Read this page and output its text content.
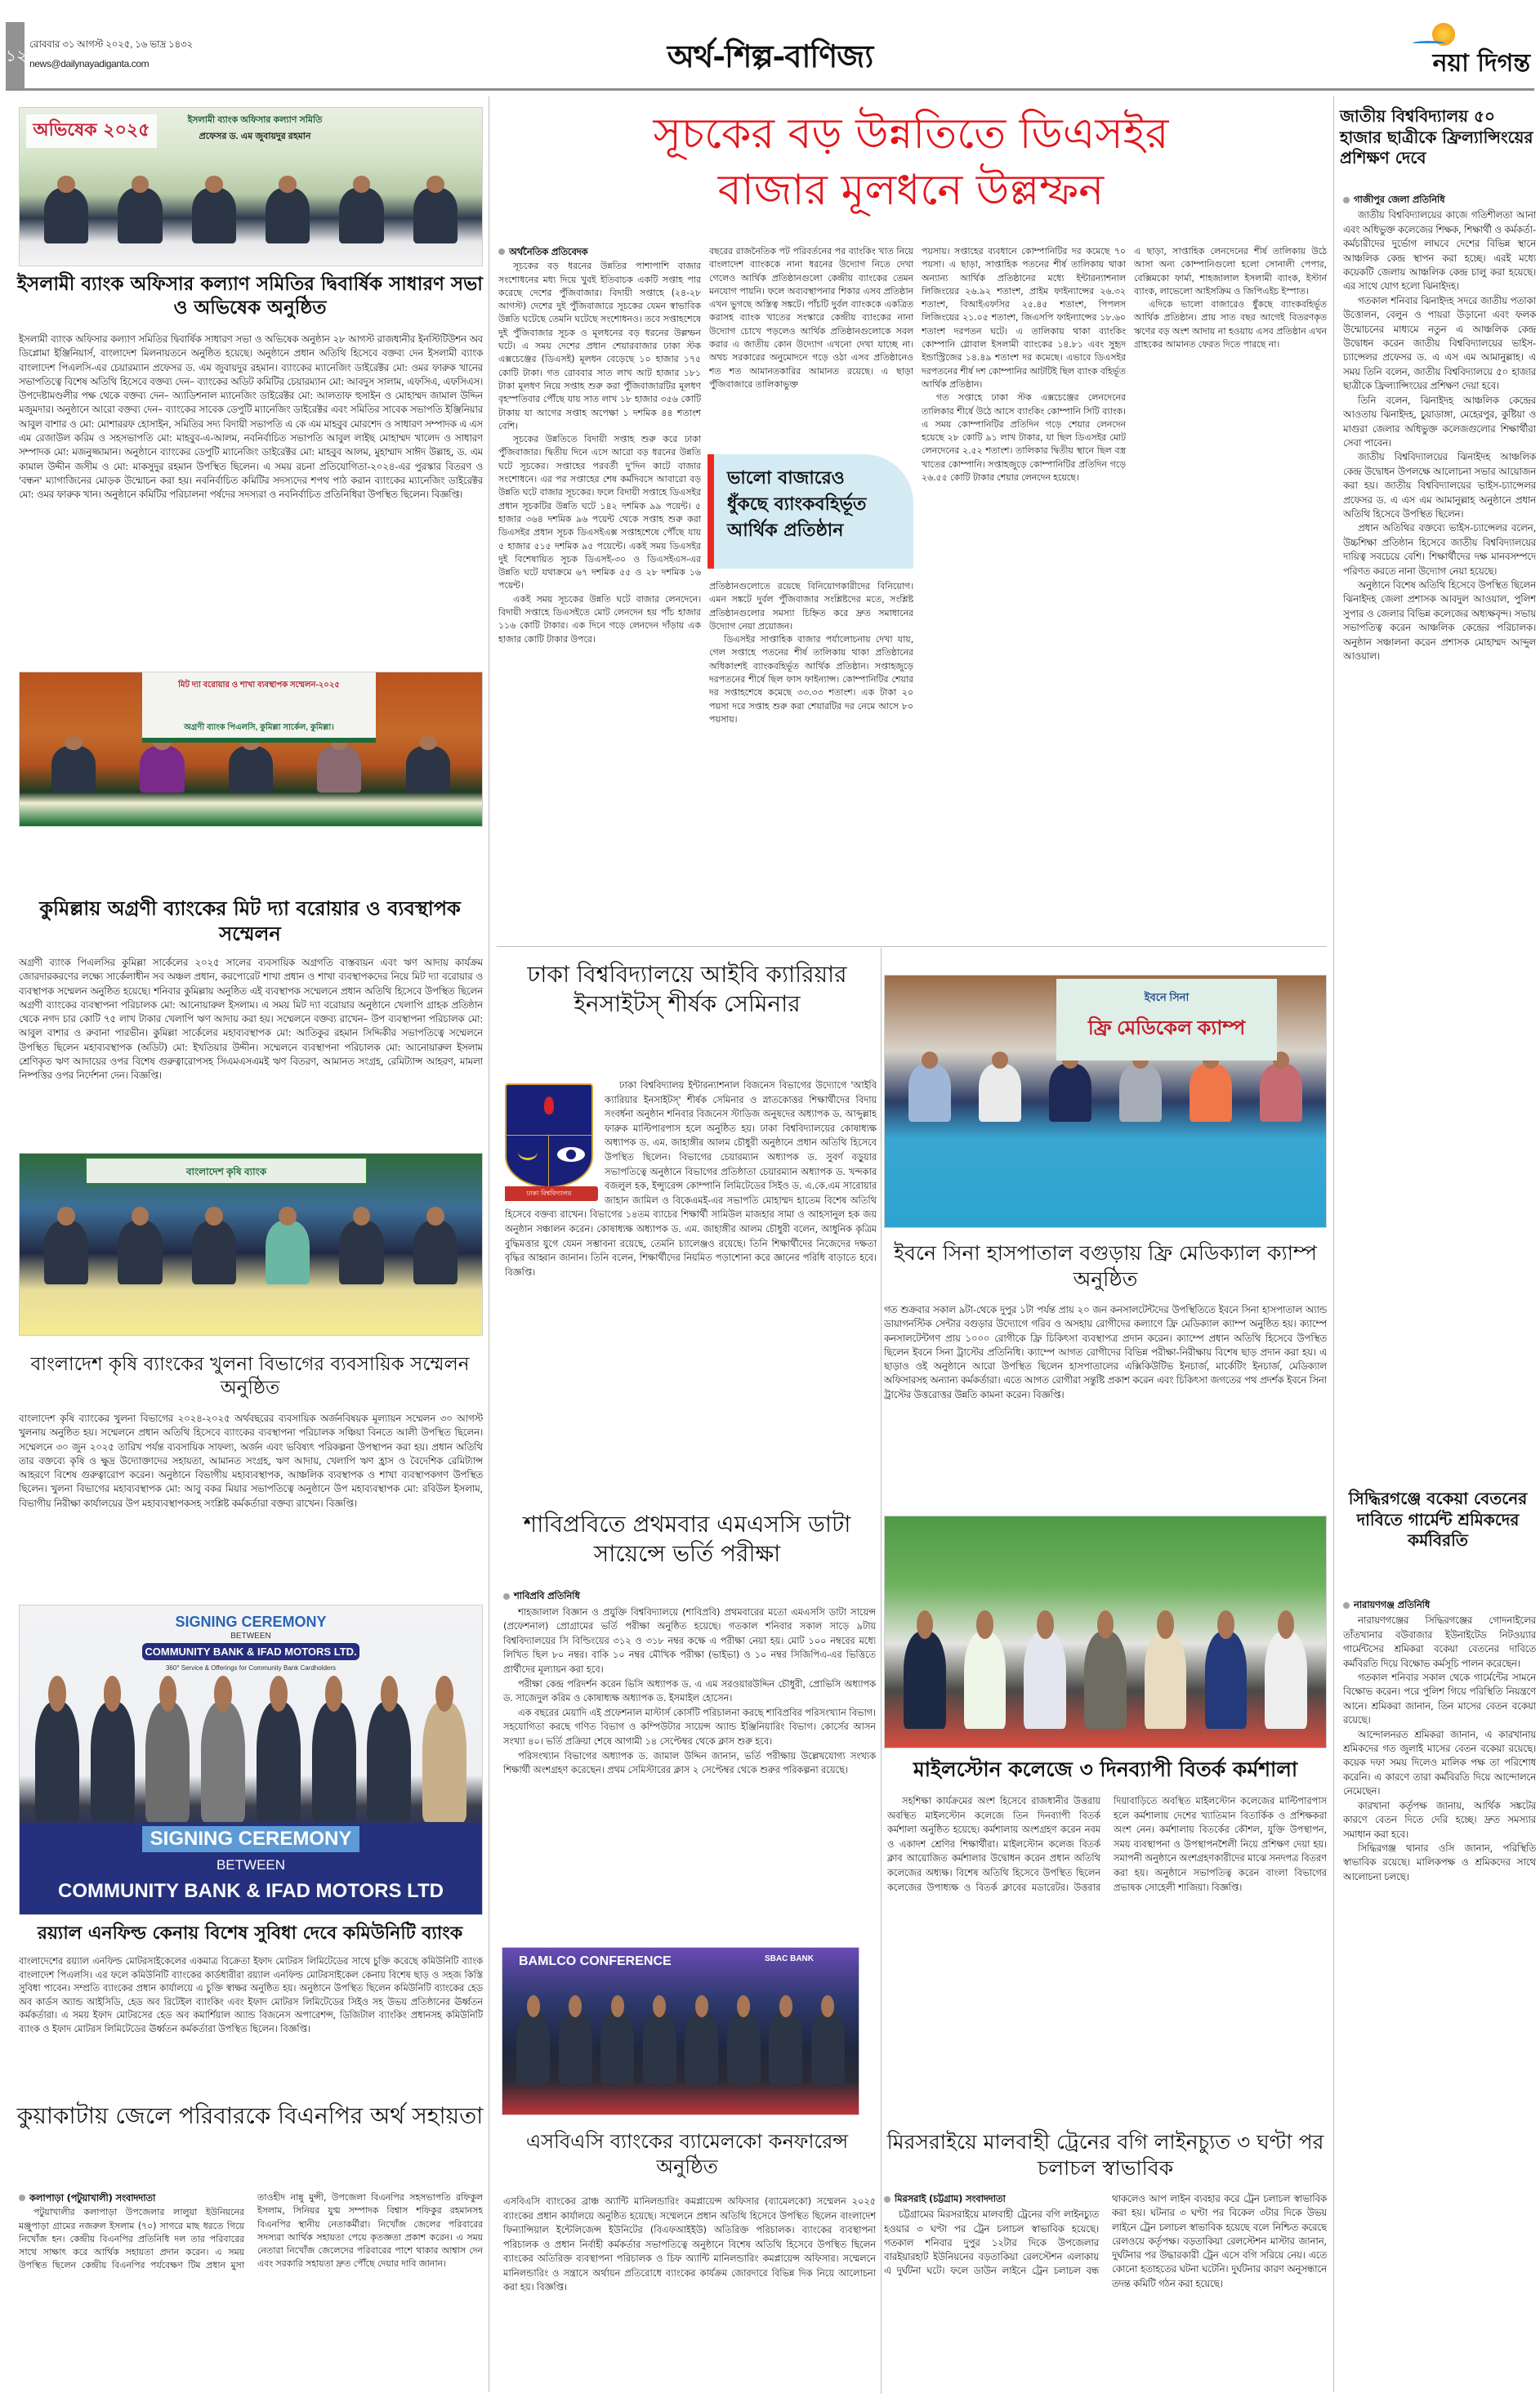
১২
রোববার ৩১ আগস্ট ২০২৫, ১৬ ভাদ্র ১৪৩২
news@dailynayadiganta.com	অর্থ-শিল্প-বাণিজ্য	নয়া দিগন্ত
ইসলামী ব্যাংক অফিসার কল্যাণ সমিতি
প্রফেসর ড. এম জুবায়দুর রহমান
অভিষেক ২০২৫
ইসলামী ব্যাংক অফিসার কল্যাণ সমিতির দ্বিবার্ষিক সাধারণ সভা ও অভিষেক অনুষ্ঠিত
ইসলামী ব্যাংক অফিসার কল্যাণ সমিতির দ্বিবার্ষিক সাধারণ সভা ও অভিষেক অনুষ্ঠান ২৮ আগস্ট রাজধানীর ইনস্টিটিউশন অব ডিপ্লোমা ইঞ্জিনিয়ার্স, বাংলাদেশ মিলনায়তনে অনুষ্ঠিত হয়েছে। অনুষ্ঠানে প্রধান অতিথি হিসেবে বক্তব্য দেন ইসলামী ব্যাংক বাংলাদেশ পিএলসি-এর চেয়ারম্যান প্রফেসর ড. এম জুবায়দুর রহমান। ব্যাংকের ম্যানেজিং ডাইরেক্টর মো: ওমর ফারুক খানের সভাপতিত্বে বিশেষ অতিথি হিসেবে বক্তব্য দেন– ব্যাংকের অডিট কমিটির চেয়ারম্যান মো: আবদুস সালাম, এফসিএ, এফসিএস। উপদেষ্টামণ্ডলীর পক্ষ থেকে বক্তব্য দেন– অ্যাডিশনাল ম্যানেজিং ডাইরেক্টর মো: আলতাফ হুসাইন ও মোহাম্মদ জামাল উদ্দিন মজুমদার। অনুষ্ঠানে আরো বক্তব্য দেন– ব্যাংকের সাবেক ডেপুটি ম্যানেজিং ডাইরেক্টর এবং সমিতির সাবেক সভাপতি ইঞ্জিনিয়ার আবুল বাশার ও মো: মোশাররফ হোসাইন, সমিতির সদ্য বিদায়ী সভাপতি এ কে এম মাহবুব মোরশেদ ও সাধারণ সম্পাদক এ এস এম রেজাউল করিম ও সহসভাপতি মো: মাহবুব-এ-আলম, নবনির্বাচিত সভাপতি আবুল লাইছ মোহাম্মদ খালেদ ও সাধারণ সম্পাদক মো: মজনুজ্জামান। অনুষ্ঠানে ব্যাংকের ডেপুটি ম্যানেজিং ডাইরেক্টর মো: মাহবুব আলম, মুহাম্মাদ সাঈদ উল্লাহ, ড. এম কামাল উদ্দীন জসীম ও মো: মাকসুদুর রহমান উপস্থিত ছিলেন। এ সময় রচনা প্রতিযোগিতা-২০২৪-এর পুরস্কার বিতরণ ও 'বন্ধন' ম্যাগাজিনের মোড়ক উন্মোচন করা হয়। নবনির্বাচিত কমিটির সদস্যদের শপথ পাঠ করান ব্যাংকের ম্যানেজিং ডাইরেক্টর মো: ওমর ফারুক খান। অনুষ্ঠানে কমিটির পরিচালনা পর্ষদের সদস্যরা ও নবনির্বাচিত প্রতিনিধিরা উপস্থিত ছিলেন। বিজ্ঞপ্তি।
মিট দ্যা বরোয়ার ও শাখা ব্যবস্থাপক সম্মেলন-২০২৫
অগ্রণী ব্যাংক পিএলসি, কুমিল্লা সার্কেল, কুমিল্লা।
কুমিল্লায় অগ্রণী ব্যাংকের মিট দ্যা বরোয়ার ও ব্যবস্থাপক সম্মেলন
অগ্রণী ব্যাংক পিএলসির কুমিল্লা সার্কেলের ২০২৫ সালের ব্যবসায়িক অগ্রগতি বাস্তবায়ন এবং ঋণ আদায় কার্যক্রম জোরদারকরণের লক্ষ্যে সার্কেলাধীন সব অঞ্চল প্রধান, করপোরেট শাখা প্রধান ও শাখা ব্যবস্থাপকদের নিয়ে মিট দ্যা বরোয়ার ও ব্যবস্থাপক সম্মেলন অনুষ্ঠিত হয়েছে। শনিবার কুমিল্লায় অনুষ্ঠিত এই ব্যবস্থাপক সম্মেলনে প্রধান অতিথি হিসেবে উপস্থিত ছিলেন অগ্রণী ব্যাংকের ব্যবস্থাপনা পরিচালক মো: আনোয়ারুল ইসলাম। এ সময় মিট দ্যা বরোয়ার অনুষ্ঠানে খেলাপি গ্রাহক প্রতিষ্ঠান থেকে নগদ চার কোটি ৭৫ লাখ টাকার খেলাপি ঋণ আদায় করা হয়। সম্মেলনে বক্তব্য রাখেন– উপ ব্যবস্থাপনা পরিচালক মো: আবুল বাশার ও রুবানা পারভীন। কুমিল্লা সার্কেলের মহাব্যবস্থাপক মো: আতিকুর রহমান সিদ্দিকীর সভাপতিত্বে সম্মেলনে উপস্থিত ছিলেন মহাব্যবস্থাপক (অডিট) মো: ইখতিয়ার উদ্দীন। সম্মেলনে ব্যবস্থাপনা পরিচালক মো: আনোয়ারুল ইসলাম শ্রেণিকৃত ঋণ আদায়ের ওপর বিশেষ গুরুত্বারোপসহ সিএমএসএমই ঋণ বিতরণ, আমানত সংগ্রহ, রেমিট্যান্স আহরণ, মামলা নিষ্পত্তির ওপর নির্দেশনা দেন। বিজ্ঞপ্তি।
বাংলাদেশ কৃষি ব্যাংক
বাংলাদেশ কৃষি ব্যাংকের খুলনা বিভাগের ব্যবসায়িক সম্মেলন অনুষ্ঠিত
বাংলাদেশ কৃষি ব্যাংকের খুলনা বিভাগের ২০২৪-২০২৫ অর্থবছরের ব্যবসায়িক অর্জনবিষয়ক মূল্যায়ন সম্মেলন ৩০ আগস্ট খুলনায় অনুষ্ঠিত হয়। সম্মেলনে প্রধান অতিথি হিসেবে ব্যাংকের ব্যবস্থাপনা পরিচালক সঞ্চিয়া বিনতে আলী উপস্থিত ছিলেন। সম্মেলনে ৩০ জুন ২০২৫ তারিখ পর্যন্ত ব্যবসায়িক সাফল্য, অর্জন এবং ভবিষ্যৎ পরিকল্পনা উপস্থাপন করা হয়। প্রধান অতিথি তার বক্তব্যে কৃষি ও ক্ষুদ্র উদ্যোক্তাদের সহায়তা, আমানত সংগ্রহ, ঋণ আদায়, খেলাপি ঋণ হ্রাস ও বৈদেশিক রেমিট্যান্স আহরণে বিশেষ গুরুত্বারোপ করেন। অনুষ্ঠানে বিভাগীয় মহাব্যবস্থাপক, আঞ্চলিক ব্যবস্থাপক ও শাখা ব্যবস্থাপকগণ উপস্থিত ছিলেন। খুলনা বিভাগের মহাব্যবস্থাপক মো: আবু বকর মিয়ার সভাপতিত্বে অনুষ্ঠানে উপ মহাব্যবস্থাপক মো: রবিউল ইসলাম, বিভাগীয় নিরীক্ষা কার্যালয়ের উপ মহাব্যবস্থাপকসহ সংশ্লিষ্ট কর্মকর্তারা বক্তব্য রাখেন। বিজ্ঞপ্তি।
SIGNING CEREMONY
BETWEEN
COMMUNITY BANK & IFAD MOTORS LTD.
360° Service & Offerings for Community Bank Cardholders
SIGNING CEREMONY
BETWEEN
COMMUNITY BANK & IFAD MOTORS LTD
রয়্যাল এনফিল্ড কেনায় বিশেষ সুবিধা দেবে কমিউনিটি ব্যাংক
বাংলাদেশের রয়্যাল এনফিল্ড মোটরসাইকেলের একমাত্র বিক্রেতা ইফাদ মোটরস লিমিটেডের সাথে চুক্তি করেছে কমিউনিটি ব্যাংক বাংলাদেশ পিএলসি। এর ফলে কমিউনিটি ব্যাংকের কার্ডধারীরা রয়্যাল এনফিল্ড মোটরসাইকেল কেনায় বিশেষ ছাড় ও সহজ কিস্তি সুবিধা পাবেন। সম্প্রতি ব্যাংকের প্রধান কার্যালয়ে এ চুক্তি স্বাক্ষর অনুষ্ঠিত হয়। অনুষ্ঠানে উপস্থিত ছিলেন কমিউনিটি ব্যাংকের হেড অব কার্ডস অ্যান্ড আইসিডি, হেড অব রিটেইল ব্যাংকিং এবং ইফাদ মোটরস লিমিটেডের সিইও সহ উভয় প্রতিষ্ঠানের ঊর্ধ্বতন কর্মকর্তারা। এ সময় ইফাদ মোটরসের হেড অব কমার্শিয়াল অ্যান্ড বিজনেস অপারেশন্স, ডিজিটাল ব্যাংকিং প্রধানসহ কমিউনিটি ব্যাংক ও ইফাদ মোটরস লিমিটেডের ঊর্ধ্বতন কর্মকর্তারা উপস্থিত ছিলেন। বিজ্ঞপ্তি।
কুয়াকাটায় জেলে পরিবারকে বিএনপির অর্থ সহায়তা
কলাপাড়া (পটুয়াখালী) সংবাদদাতা

পটুয়াখালীর কলাপাড়া উপজেলার লালুয়া ইউনিয়নের মঞ্জুপাড়া গ্রামের নজরুল ইসলাম (৭০) সাগরে মাছ ধরতে গিয়ে নিখোঁজ হন। কেন্দ্রীয় বিএনপির প্রতিনিধি দল তার পরিবারের সাথে সাক্ষাৎ করে আর্থিক সহায়তা প্রদান করেন। এ সময় উপস্থিত ছিলেন কেন্দ্রীয় বিএনপির পর্যবেক্ষণ টিম প্রধান মুসা তাওহীদ নান্নু মুন্সী, উপজেলা বিএনপির সহসভাপতি রফিকুল ইসলাম, সিনিয়র যুগ্ম সম্পাদক বিশ্বাস শফিকুর রহমানসহ বিএনপির স্থানীয় নেতাকর্মীরা। নিখোঁজ জেলের পরিবারের সদস্যরা আর্থিক সহায়তা পেয়ে কৃতজ্ঞতা প্রকাশ করেন। এ সময় নেতারা নিখোঁজ জেলেদের পরিবারের পাশে থাকার আশ্বাস দেন এবং সরকারি সহায়তা দ্রুত পৌঁছে দেয়ার দাবি জানান।

সূচকের বড় উন্নতিতে ডিএসইর
বাজার মূলধনে উল্লম্ফন
অর্থনৈতিক প্রতিবেদক

সূচকের বড় ধরনের উন্নতির পাশাপাশি বাজার সংশোধনের মধ্য দিয়ে খুবই ইতিবাচক একটি সপ্তাহ পার করেছে দেশের পুঁজিবাজার। বিদায়ী সপ্তাহে (২৪-২৮ আগস্ট) দেশের দুই পুঁজিবাজারে সূচকের যেমন স্বাভাবিক উন্নতি ঘটেছে তেমনি ঘটেছে সংশোধনও। তবে সপ্তাহশেষে দুই পুঁজিবাজার সূচক ও মূলধনের বড় ধরনের উল্লম্ফন ঘটে। এ সময় দেশের প্রধান শেয়ারবাজার ঢাকা স্টক এক্সচেঞ্জের (ডিএসই) মূলধন বেড়েছে ১০ হাজার ১৭৫ কোটি টাকা। গত রোববার সাত লাখ আট হাজার ১৮১ টাকা মূলধণ নিয়ে সপ্তাহ শুরু করা পুঁজিবাজারটির মূলধণ বৃহস্পতিবার পৌঁছে যায় সাত লাখ ১৮ হাজার ৩৫৬ কোটি টাকায় যা আগের সপ্তাহ অপেক্ষা ১ দশমিক ৪৪ শতাংশ বেশি।

সূচকের উন্নতিতে বিদায়ী সপ্তাহ শুরু করে ঢাকা পুঁজিবাজার। দ্বিতীয় দিনে এসে আরো বড় ধরনের উন্নতি ঘটে সূচকের। সপ্তাহের পরবর্তী দু'দিন কাটে বাজার সংশোধনে। এর পর সপ্তাহের শেষ কর্মদিবসে আবারো বড় উন্নতি ঘটে বাজার সূচকের। ফলে বিদায়ী সপ্তাহে ডিএসইর প্রধান সূচকটির উন্নতি ঘটে ১৪২ দশমিক ৯৯ পয়েন্ট। ৫ হাজার ৩৬৪ দশমিক ৯৬ পয়েন্ট থেকে সপ্তাহ শুরু করা ডিএসইর প্রধান সূচক ডিএসইএক্স সপ্তাহশেষে পৌঁছে যায় ৫ হাজার ৫১৫ দশমিক ৯৫ পয়েন্টে। একই সময় ডিএসইর দুই বিশেষায়িত সূচক ডিএসই-৩০ ও ডিএসইএস-এর উন্নতি ঘটে যথাক্রমে ৬৭ দশমিক ৫৫ ও ২৮ দশমিক ১৬ পয়েন্ট।

একই সময় সূচকের উন্নতি ঘটে বাজার লেনদেনে। বিদায়ী সপ্তাহে ডিএসইতে মোট লেনদেন হয় পাঁচ হাজার ১১৬ কোটি টাকার। এক দিনে গড়ে লেনদেন দাঁড়ায় এক হাজার কোটি টাকার উপরে।

বছরের রাজনৈতিক পট পরিবর্তনের পর ব্যাংকিং খাত নিয়ে বাংলাদেশ ব্যাংককে নানা ধরনের উদ্যোগ নিতে দেখা গেলেও আর্থিক প্রতিষ্ঠানগুলো কেন্দ্রীয় ব্যাংকের তেমন মনযোগ পায়নি। ফলে অব্যবস্থাপনার শিকার এসব প্রতিষ্ঠান এখন ভুগছে অস্তিত্ব সঙ্কটে। পাঁচটি দুর্বল ব্যাংককে একত্রিত করাসহ ব্যাংক খাতের সংস্কারে কেন্দ্রীয় ব্যাংকের নানা উদ্যোগ চোখে পড়লেও আর্থিক প্রতিষ্ঠানগুলোকে সবল করার এ জাতীয় কোন উদ্যোগ এখনো দেখা যাচ্ছে না। অথচ সরকারের অনুমোদনে গড়ে ওঠা এসব প্রতিষ্ঠানেও শত শত আমানতকারির আমানত রয়েছে। এ ছাড়া পুঁজিবাজারে তালিকাভুক্ত

ভালো বাজারেও
ধুঁকছে ব্যাংকবহির্ভূত
আর্থিক প্রতিষ্ঠান

প্রতিষ্ঠানগুলোতে রয়েছে বিনিয়োগকারীদের বিনিয়োগ। এমন সঙ্কটে দুর্বল পুঁজিবাজার সংশ্লিষ্টদের মতে, সংশ্লিষ্ট প্রতিষ্ঠানগুলোর সমস্যা চিহ্নিত করে দ্রুত সমাধানের উদ্যোগ নেয়া প্রয়োজন।

ডিএসইর সাপ্তাহিক বাজার পর্যালোচনায় দেখা যায়, গেল সপ্তাহে পতনের শীর্ষ তালিকায় থাকা প্রতিষ্ঠানের অধিকাংশই ব্যাংকবহির্ভূত আর্থিক প্রতিষ্ঠান। সপ্তাহজুড়ে দরপতনের শীর্ষে ছিল ফাস ফাইন্যান্স। কোম্পানিটির শেয়ার দর সপ্তাহশেষে কমেছে ৩৩.৩৩ শতাংশ। এক টাকা ২০ পয়সা দরে সপ্তাহ শুরু করা শেয়ারটির দর নেমে আসে ৮০ পয়সায়।

পয়সায়। সপ্তাহের ব্যবধানে কোম্পানিটির দর কমেছে ৭০ পয়সা। এ ছাড়া, সাপ্তাহিক পতনের শীর্ষ তালিকায় থাকা অন্যান্য আর্থিক প্রতিষ্ঠানের মধ্যে ইন্টারন্যাশনাল লিজিংয়ের ২৬.৯২ শতাংশ, প্রাইম ফাইন্যান্সের ২৬.৩২ শতাংশ, বিআইএফসির ২৫.৪৫ শতাংশ, পিপলস লিজিংয়ের ২১.০৫ শতাংশ, জিএসপি ফাইন্যান্সের ১৮.৬০ শতাংশ দরপতন ঘটে। এ তালিকায় থাকা ব্যাংকিং কোম্পানি গ্লোবাল ইসলামী ব্যাংকের ১৪.৮১ এবং সুহৃদ ইন্ডাস্ট্রিজের ১৪.৪৯ শতাংশ দর কমেছে। এভাবে ডিএসইর দরপতনের শীর্ষ দশ কোম্পানির আটটিই ছিল ব্যাংক বহির্ভূত আর্থিক প্রতিষ্ঠান।

গত সপ্তাহে ঢাকা স্টক এক্সচেঞ্জের লেনদেনের তালিকার শীর্ষে উঠে আসে ব্যাংকিং কোম্পানি সিটি ব্যাংক। এ সময় কোম্পানিটির প্রতিদিন গড়ে শেয়ার লেনদেন হয়েছে ২৮ কোটি ৯১ লাখ টাকার, যা ছিল ডিএসইর মোট লেনদেনের ২.৫২ শতাংশ। তালিকার দ্বিতীয় স্থানে ছিল বস্ত্র খাতের কোম্পানি। সপ্তাহজুড়ে কোম্পানিটির প্রতিদিন গড়ে ২৬.৫৫ কোটি টাকার শেয়ার লেনদেন হয়েছে।

এ ছাড়া, সাপ্তাহিক লেনদেনের শীর্ষ তালিকায় উঠে আসা অন্য কোম্পানিগুলো হলো সোনালী পেপার, বেক্সিমকো ফার্মা, শাহজালাল ইসলামী ব্যাংক, ইস্টার্ন ব্যাংক, লাভেলো আইসক্রিম ও জিপিএইচ ইস্পাত।

এদিকে ভালো বাজারেও ধুঁকছে ব্যাংকবহির্ভূত আর্থিক প্রতিষ্ঠান। প্রায় সাত বছর আগেই বিতরণকৃত ঋণের বড় অংশ আদায় না হওয়ায় এসব প্রতিষ্ঠান এখন গ্রাহকের আমানত ফেরত দিতে পারছে না।

ঢাকা বিশ্ববিদ্যালয়ে আইবি ক্যারিয়ার ইনসাইটস্ শীর্ষক সেমিনার
ঢাকা বিশ্ববিদ্যালয়

ঢাকা বিশ্ববিদ্যালয় ইন্টারন্যাশনাল বিজনেস বিভাগের উদ্যোগে 'আইবি ক্যারিয়ার ইনসাইটস্' শীর্ষক সেমিনার ও স্নাতকোত্তর শিক্ষার্থীদের বিদায় সংবর্ধনা অনুষ্ঠান শনিবার বিজনেস স্টাডিজ অনুষদের অধ্যাপক ড. আব্দুল্লাহ ফারুক মাল্টিপারপাস হলে অনুষ্ঠিত হয়। ঢাকা বিশ্ববিদ্যালয়ের কোষাধ্যক্ষ অধ্যাপক ড. এম. জাহাঙ্গীর আলম চৌধুরী অনুষ্ঠানে প্রধান অতিথি হিসেবে উপস্থিত ছিলেন। বিভাগের চেয়ারম্যান অধ্যাপক ড. সুবর্ণ বড়ুয়ার সভাপতিত্বে অনুষ্ঠানে বিভাগের প্রতিষ্ঠাতা চেয়ারম্যান অধ্যাপক ড. খন্দকার বজলুল হক, ইন্স্যুরেন্স কোম্পানি লিমিটেডের সিইও ড. এ.কে.এম সারোয়ার জাহান জামিল ও বিকেএমই-এর সভাপতি মোহাম্মদ হাতেম বিশেষ অতিথি হিসেবে বক্তব্য রাখেন। বিভাগের ১৪তম ব্যাচের শিক্ষার্থী সামিউল মাজহার সামা ও আহসানুল হক জয় অনুষ্ঠান সঞ্চালন করেন। কোষাধ্যক্ষ অধ্যাপক ড. এম. জাহাঙ্গীর আলম চৌধুরী বলেন, আধুনিক কৃত্রিম বুদ্ধিমত্তার যুগে যেমন সম্ভাবনা রয়েছে, তেমনি চ্যালেঞ্জও রয়েছে। তিনি শিক্ষার্থীদের নিজেদের দক্ষতা বৃদ্ধির আহ্বান জানান। তিনি বলেন, শিক্ষার্থীদের নিয়মিত পড়াশোনা করে জ্ঞানের পরিধি বাড়াতে হবে। বিজ্ঞপ্তি।

শাবিপ্রবিতে প্রথমবার এমএসসি ডাটা সায়েন্সে ভর্তি পরীক্ষা
শাবিপ্রবি প্রতিনিধি

শাহজালাল বিজ্ঞান ও প্রযুক্তি বিশ্ববিদ্যালয়ে (শাবিপ্রবি) প্রথমবারের মতো এমএসসি ডাটা সায়েন্স (প্রফেশনাল) প্রোগ্রামের ভর্তি পরীক্ষা অনুষ্ঠিত হয়েছে। গতকাল শনিবার সকাল সাড়ে ৯টায় বিশ্ববিদ্যালয়ের সি বিল্ডিংয়ের ৩১২ ও ৩১৮ নম্বর কক্ষে এ পরীক্ষা নেয়া হয়। মোট ১০০ নম্বরের মধ্যে লিখিত ছিল ৮০ নম্বর। বাকি ১০ নম্বর মৌখিক পরীক্ষা (ভাইভা) ও ১০ নম্বর সিজিপিএ-এর ভিত্তিতে প্রার্থীদের মূল্যায়ন করা হবে।

পরীক্ষা কেন্দ্র পরিদর্শন করেন ভিসি অধ্যাপক ড. এ এম সরওয়ারউদ্দিন চৌধুরী, প্রোভিসি অধ্যাপক ড. সাজেদুল করিম ও কোষাধ্যক্ষ অধ্যাপক ড. ইসমাইল হোসেন।

এক বছরের মেয়াদি এই প্রফেশনাল মাস্টার্স কোর্সটি পরিচালনা করছে শাবিপ্রবির পরিসংখ্যান বিভাগ। সহযোগিতা করছে গণিত বিভাগ ও কম্পিউটার সায়েন্স অ্যান্ড ইঞ্জিনিয়ারিং বিভাগ। কোর্সের আসন সংখ্যা ৪০। ভর্তি প্রক্রিয়া শেষে আগামী ১৪ সেপ্টেম্বর থেকে ক্লাস শুরু হবে।

পরিসংখ্যান বিভাগের অধ্যাপক ড. জামাল উদ্দিন জানান, ভর্তি পরীক্ষায় উল্লেখযোগ্য সংখ্যক শিক্ষার্থী অংশগ্রহণ করেছেন। প্রথম সেমিস্টারের ক্লাস ২ সেপ্টেম্বর থেকে শুরুর পরিকল্পনা রয়েছে।

BAMLCO CONFERENCE	SBAC BANK
এসবিএসি ব্যাংকের ব্যামেলকো কনফারেন্স অনুষ্ঠিত
এসবিএসি ব্যাংকের ব্রাঞ্চ অ্যান্টি মানিলন্ডারিং কমপ্লায়েন্স অফিসার (ব্যামেলকো) সম্মেলন ২০২৫ ব্যাংকের প্রধান কার্যালয়ে অনুষ্ঠিত হয়েছে। সম্মেলনে প্রধান অতিথি হিসেবে উপস্থিত ছিলেন বাংলাদেশ ফিন্যান্সিয়াল ইন্টেলিজেন্স ইউনিটের (বিএফআইইউ) অতিরিক্ত পরিচালক। ব্যাংকের ব্যবস্থাপনা পরিচালক ও প্রধান নির্বাহী কর্মকর্তার সভাপতিত্বে অনুষ্ঠানে বিশেষ অতিথি হিসেবে উপস্থিত ছিলেন ব্যাংকের অতিরিক্ত ব্যবস্থাপনা পরিচালক ও চিফ অ্যান্টি মানিলন্ডারিং কমপ্লায়েন্স অফিসার। সম্মেলনে মানিলন্ডারিং ও সন্ত্রাসে অর্থায়ন প্রতিরোধে ব্যাংকের কার্যক্রম জোরদারে বিভিন্ন দিক নিয়ে আলোচনা করা হয়। বিজ্ঞপ্তি।
ইবনে সিনা
ফ্রি মেডিকেল ক্যাম্প
ইবনে সিনা হাসপাতাল বগুড়ায় ফ্রি মেডিক্যাল ক্যাম্প অনুষ্ঠিত
গত শুক্রবার সকাল ৯টা-থেকে দুপুর ১টা পর্যন্ত প্রায় ২০ জন কনসালটেন্টদের উপস্থিতিতে ইবনে সিনা হাসপাতাল অ্যান্ড ডায়াগনস্টিক সেন্টার বগুড়ার উদ্যোগে গরিব ও অসহায় রোগীদের কল্যাণে ফ্রি মেডিক্যাল ক্যাম্প অনুষ্ঠিত হয়। ক্যাম্পে কনসালটেন্টগণ প্রায় ১০০০ রোগীকে ফ্রি চিকিৎসা ব্যবস্থাপত্র প্রদান করেন। ক্যাম্পে প্রধান অতিথি হিসেবে উপস্থিত ছিলেন ইবনে সিনা ট্রাস্টের প্রতিনিধি। ক্যাম্পে আগত রোগীদের বিভিন্ন পরীক্ষা-নিরীক্ষায় বিশেষ ছাড় প্রদান করা হয়। এ ছাড়াও ওই অনুষ্ঠানে আরো উপস্থিত ছিলেন হাসপাতালের এক্সিকিউটিভ ইনচার্জ, মার্কেটিং ইনচার্জ, মেডিক্যাল অফিসারসহ অন্যান্য কর্মকর্তারা। এতে আগত রোগীরা সন্তুষ্টি প্রকাশ করেন এবং চিকিৎসা জগতের পথ প্রদর্শক ইবনে সিনা ট্রাস্টের উত্তরোত্তর উন্নতি কামনা করেন। বিজ্ঞপ্তি।
মাইলস্টোন কলেজে ৩ দিনব্যাপী বিতর্ক কর্মশালা

সহশিক্ষা কার্যক্রমের অংশ হিসেবে রাজধানীর উত্তরায় অবস্থিত মাইলস্টোন কলেজে তিন দিনব্যাপী বিতর্ক কর্মশালা অনুষ্ঠিত হয়েছে। কর্মশালায় অংশগ্রহণ করেন নবম ও একাদশ শ্রেণির শিক্ষার্থীরা। মাইলস্টোন কলেজ বিতর্ক ক্লাব আয়োজিত কর্মশালার উদ্বোধন করেন প্রধান অতিথি কলেজের অধ্যক্ষ। বিশেষ অতিথি হিসেবে উপস্থিত ছিলেন কলেজের উপাধ্যক্ষ ও বিতর্ক ক্লাবের মডারেটর। উত্তরার দিয়াবাড়িতে অবস্থিত মাইলস্টোন কলেজের মাল্টিপারপাস হলে কর্মশালায় দেশের খ্যাতিমান বিতার্কিক ও প্রশিক্ষকরা অংশ নেন। কর্মশালায় বিতর্কের কৌশল, যুক্তি উপস্থাপন, সময় ব্যবস্থাপনা ও উপস্থাপনশৈলী নিয়ে প্রশিক্ষণ দেয়া হয়। সমাপনী অনুষ্ঠানে অংশগ্রহণকারীদের মাঝে সনদপত্র বিতরণ করা হয়। অনুষ্ঠানে সভাপতিত্ব করেন বাংলা বিভাগের প্রভাষক সোহেলী শাজিয়া। বিজ্ঞপ্তি।

মিরসরাইয়ে মালবাহী ট্রেনের বগি লাইনচ্যুত ৩ ঘণ্টা পর চলাচল স্বাভাবিক
মিরসরাই (চট্টগ্রাম) সংবাদদাতা

চট্টগ্রামের মিরসরাইয়ে মালবাহী ট্রেনের বগি লাইনচ্যুত হওয়ার ৩ ঘণ্টা পর ট্রেন চলাচল স্বাভাবিক হয়েছে। গতকাল শনিবার দুপুর ১২টার দিকে উপজেলার বারইয়ারহাট ইউনিয়নের বড়তাকিয়া রেলস্টেশন এলাকায় এ দুর্ঘটনা ঘটে। ফলে ডাউন লাইনে ট্রেন চলাচল বন্ধ থাকলেও আপ লাইন ব্যবহার করে ট্রেন চলাচল স্বাভাবিক করা হয়। ঘটনার ৩ ঘণ্টা পর বিকেল ৩টার দিকে উভয় লাইনে ট্রেন চলাচল স্বাভাবিক হয়েছে বলে নিশ্চিত করেছে রেলওয়ে কর্তৃপক্ষ। বড়তাকিয়া রেলস্টেশন মাস্টার জানান, দুর্ঘটনার পর উদ্ধারকারী ট্রেন এসে বগি সরিয়ে নেয়। এতে কোনো হতাহতের ঘটনা ঘটেনি। দুর্ঘটনার কারণ অনুসন্ধানে তদন্ত কমিটি গঠন করা হয়েছে।

জাতীয় বিশ্ববিদ্যালয় ৫০ হাজার ছাত্রীকে ফ্রিল্যান্সিংয়ের প্রশিক্ষণ দেবে
গাজীপুর জেলা প্রতিনিধি

জাতীয় বিশ্ববিদ্যালয়ের কাজে গতিশীলতা আনা এবং অধিভুক্ত কলেজের শিক্ষক, শিক্ষার্থী ও কর্মকর্তা-কর্মচারীদের দুর্ভোগ লাঘবে দেশের বিভিন্ন স্থানে আঞ্চলিক কেন্দ্র স্থাপন করা হচ্ছে। এরই মধ্যে কয়েকটি জেলায় আঞ্চলিক কেন্দ্র চালু করা হয়েছে। এর সাথে যোগ হলো ঝিনাইদহ।

গতকাল শনিবার ঝিনাইদহ সদরে জাতীয় পতাকা উত্তোলন, বেলুন ও পায়রা উড়ানো এবং ফলক উন্মোচনের মাধ্যমে নতুন এ আঞ্চলিক কেন্দ্র উদ্বোধন করেন জাতীয় বিশ্ববিদ্যালয়ের ভাইস-চ্যান্সেলর প্রফেসর ড. এ এস এম আমানুল্লাহ। এ সময় তিনি বলেন, জাতীয় বিশ্ববিদ্যালয়ে ৫০ হাজার ছাত্রীকে ফ্রিল্যান্সিংয়ের প্রশিক্ষণ দেয়া হবে।

তিনি বলেন, ঝিনাইদহ আঞ্চলিক কেন্দ্রের আওতায় ঝিনাইদহ, চুয়াডাঙ্গা, মেহেরপুর, কুষ্টিয়া ও মাগুরা জেলার অধিভুক্ত কলেজগুলোর শিক্ষার্থীরা সেবা পাবেন।

জাতীয় বিশ্ববিদ্যালয়ের ঝিনাইদহ আঞ্চলিক কেন্দ্র উদ্বোধন উপলক্ষে আলোচনা সভার আয়োজন করা হয়। জাতীয় বিশ্ববিদ্যালয়ের ভাইস-চ্যান্সেলর প্রফেসর ড. এ এস এম আমানুল্লাহ অনুষ্ঠানে প্রধান অতিথি হিসেবে উপস্থিত ছিলেন।

প্রধান অতিথির বক্তব্যে ভাইস-চ্যান্সেলর বলেন, উচ্চশিক্ষা প্রতিষ্ঠান হিসেবে জাতীয় বিশ্ববিদ্যালয়ের দায়িত্ব সবচেয়ে বেশি। শিক্ষার্থীদের দক্ষ মানবসম্পদে পরিণত করতে নানা উদ্যোগ নেয়া হয়েছে।

অনুষ্ঠানে বিশেষ অতিথি হিসেবে উপস্থিত ছিলেন ঝিনাইদহ জেলা প্রশাসক আবদুল আওয়াল, পুলিশ সুপার ও জেলার বিভিন্ন কলেজের অধ্যক্ষবৃন্দ। সভায় সভাপতিত্ব করেন আঞ্চলিক কেন্দ্রের পরিচালক। অনুষ্ঠান সঞ্চালনা করেন প্রশাসক মোহাম্মদ আব্দুল আওয়াল।

সিদ্ধিরগঞ্জে বকেয়া বেতনের দাবিতে গার্মেন্ট শ্রমিকদের কর্মবিরতি
নারায়ণগঞ্জ প্রতিনিধি

নারায়ণগঞ্জের সিদ্ধিরগঞ্জের গোদনাইলের তাঁতখানার বউবাজার ইউনাইটেড নিটওয়্যার গার্মেন্টসের শ্রমিকরা বকেয়া বেতনের দাবিতে কর্মবিরতি দিয়ে বিক্ষোভ কর্মসূচি পালন করেছেন।

গতকাল শনিবার সকাল থেকে গার্মেন্টের সামনে বিক্ষোভ করেন। পরে পুলিশ গিয়ে পরিস্থিতি নিয়ন্ত্রণে আনে। শ্রমিকরা জানান, তিন মাসের বেতন বকেয়া রয়েছে।

আন্দোলনরত শ্রমিকরা জানান, এ কারখানায় শ্রমিকদের গত জুলাই মাসের বেতন বকেয়া রয়েছে। কয়েক দফা সময় দিলেও মালিক পক্ষ তা পরিশোধ করেনি। এ কারণে তারা কর্মবিরতি দিয়ে আন্দোলনে নেমেছেন।

কারখানা কর্তৃপক্ষ জানায়, আর্থিক সঙ্কটের কারণে বেতন দিতে দেরি হচ্ছে। দ্রুত সমস্যার সমাধান করা হবে।

সিদ্ধিরগঞ্জ থানার ওসি জানান, পরিস্থিতি স্বাভাবিক রয়েছে। মালিকপক্ষ ও শ্রমিকদের সাথে আলোচনা চলছে।
